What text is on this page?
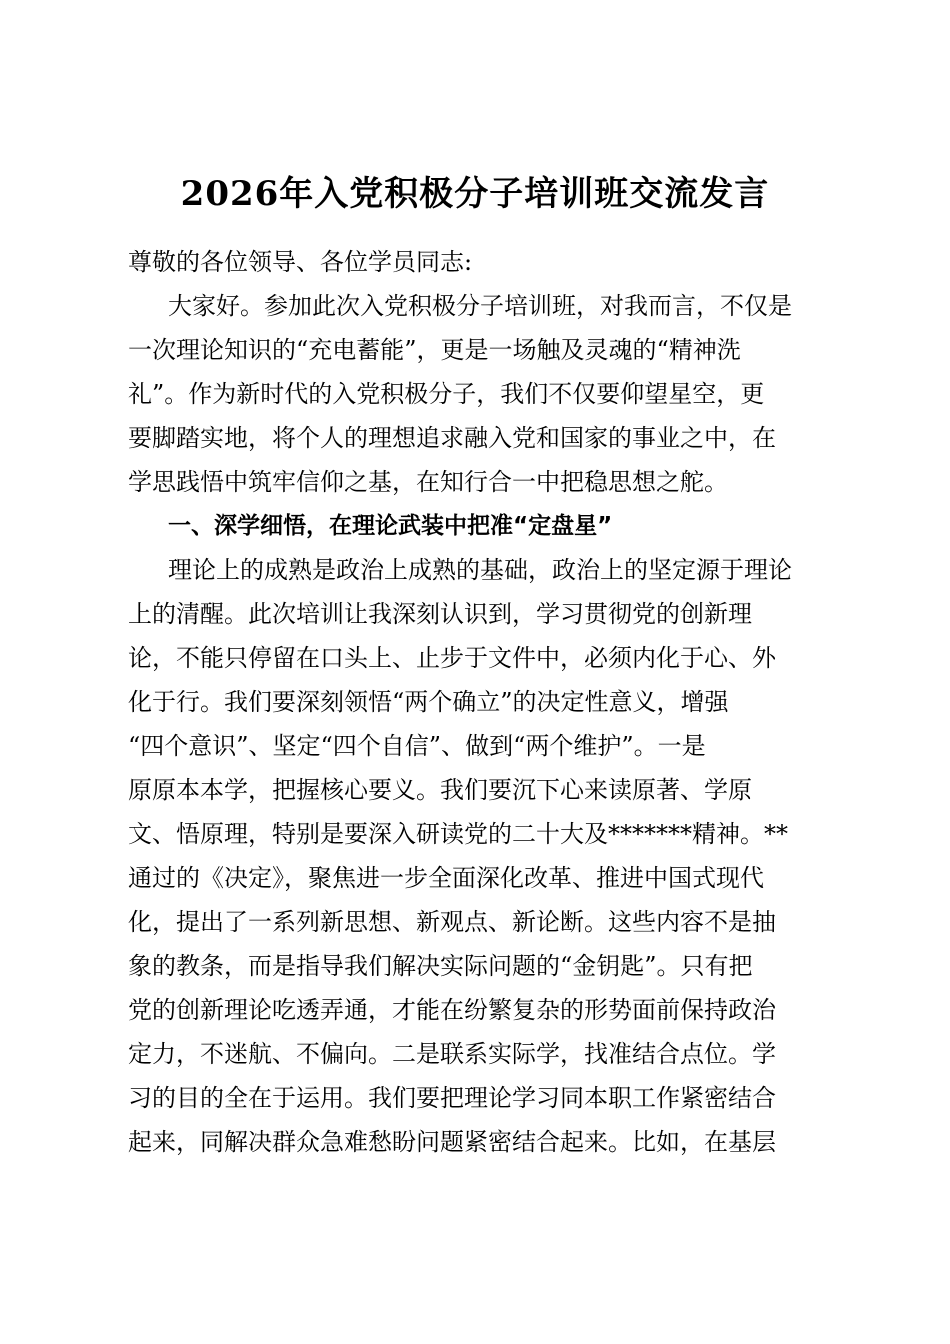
2026年入党积极分子培训班交流发言
尊敬的各位领导、各位学员同志:
大家好。参加此次入党积极分子培训班，对我而言，不仅是
一次理论知识的“充电蓄能”，更是一场触及灵魂的“精神洗
礼”。作为新时代的入党积极分子，我们不仅要仰望星空，更
要脚踏实地，将个人的理想追求融入党和国家的事业之中，在
学思践悟中筑牢信仰之基，在知行合一中把稳思想之舵。
一、深学细悟，在理论武装中把准“定盘星”
理论上的成熟是政治上成熟的基础，政治上的坚定源于理论
上的清醒。此次培训让我深刻认识到，学习贯彻党的创新理
论，不能只停留在口头上、止步于文件中，必须内化于心、外
化于行。我们要深刻领悟“两个确立”的决定性意义，增强
“四个意识”、坚定“四个自信”、做到“两个维护”。一是
原原本本学，把握核心要义。我们要沉下心来读原著、学原
文、悟原理，特别是要深入研读党的二十大及*******精神。**
通过的《决定》，聚焦进一步全面深化改革、推进中国式现代
化，提出了一系列新思想、新观点、新论断。这些内容不是抽
象的教条，而是指导我们解决实际问题的“金钥匙”。只有把
党的创新理论吃透弄通，才能在纷繁复杂的形势面前保持政治
定力，不迷航、不偏向。二是联系实际学，找准结合点位。学
习的目的全在于运用。我们要把理论学习同本职工作紧密结合
起来，同解决群众急难愁盼问题紧密结合起来。比如，在基层
